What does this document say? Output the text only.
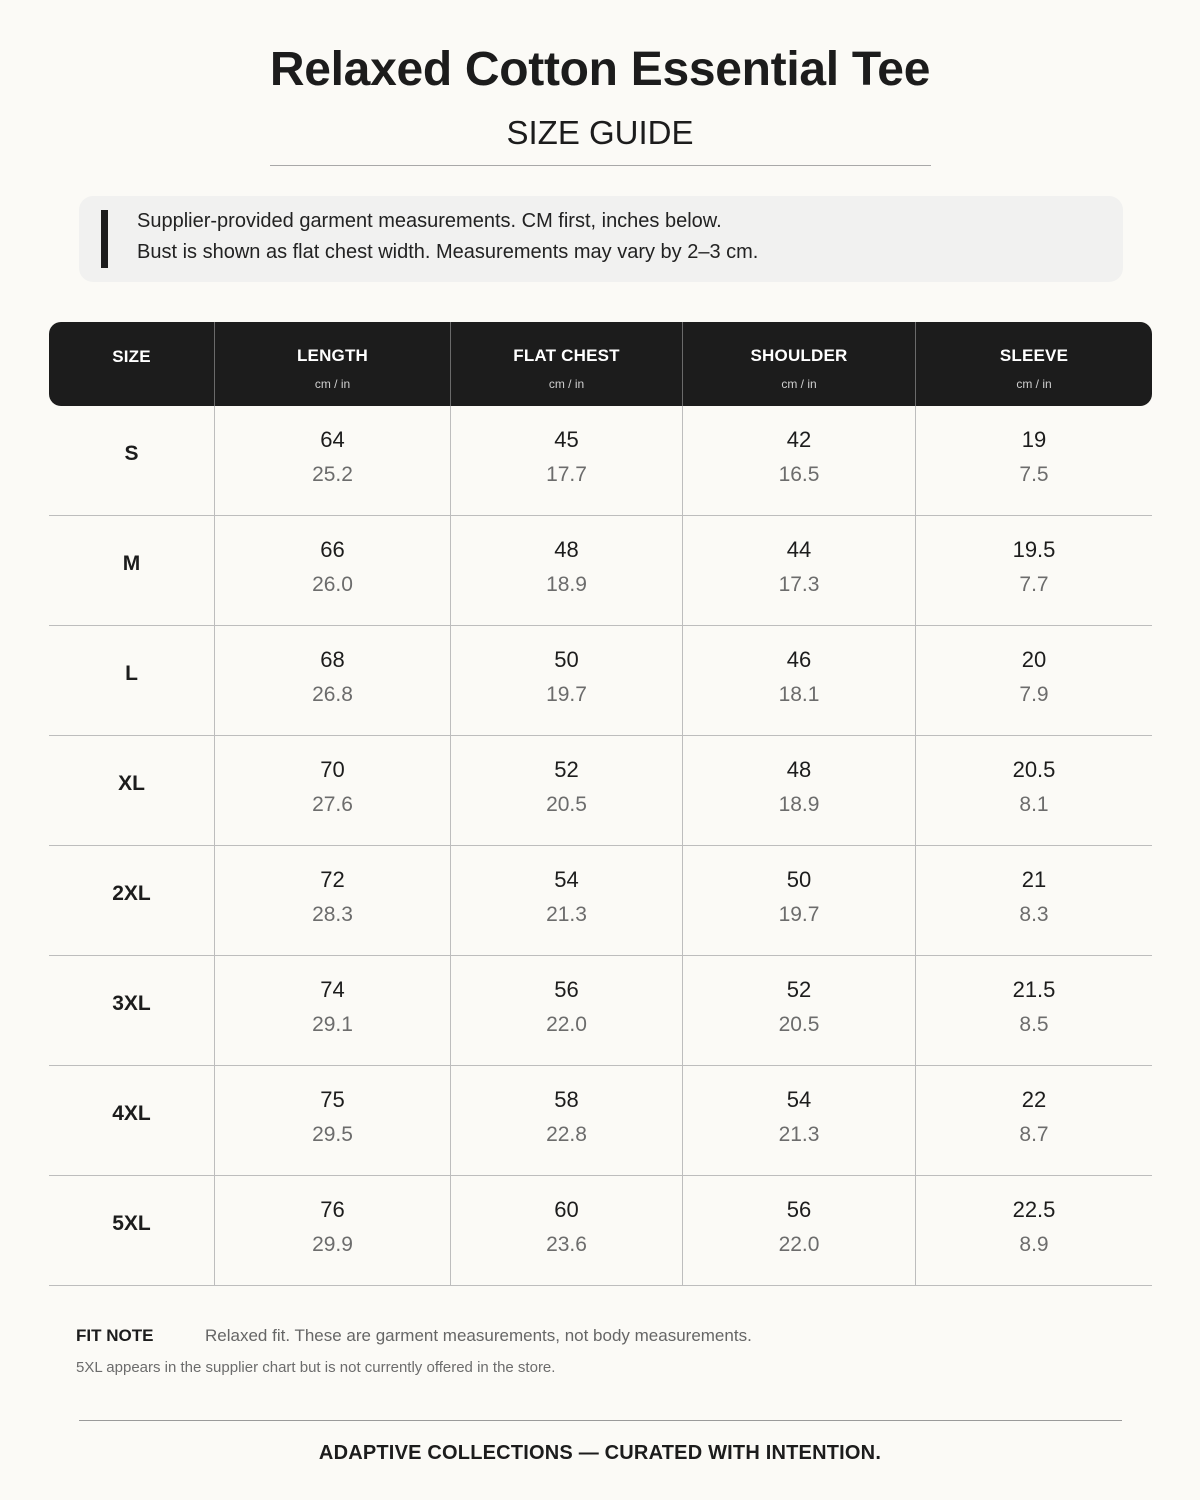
Relaxed Cotton Essential Tee
SIZE GUIDE
Supplier-provided garment measurements. CM first, inches below.
Bust is shown as flat chest width. Measurements may vary by 2–3 cm.
SIZE	LENGTH
cm / in
FLAT CHEST
cm / in
SHOULDER
cm / in
SLEEVE
cm / in
S
64
25.2
45
17.7
42
16.5
19
7.5
M
66
26.0
48
18.9
44
17.3
19.5
7.7
L
68
26.8
50
19.7
46
18.1
20
7.9
XL
70
27.6
52
20.5
48
18.9
20.5
8.1
2XL
72
28.3
54
21.3
50
19.7
21
8.3
3XL
74
29.1
56
22.0
52
20.5
21.5
8.5
4XL
75
29.5
58
22.8
54
21.3
22
8.7
5XL
76
29.9
60
23.6
56
22.0
22.5
8.9
FIT NOTE	Relaxed fit. These are garment measurements, not body measurements.
5XL appears in the supplier chart but is not currently offered in the store.
ADAPTIVE COLLECTIONS — CURATED WITH INTENTION.
